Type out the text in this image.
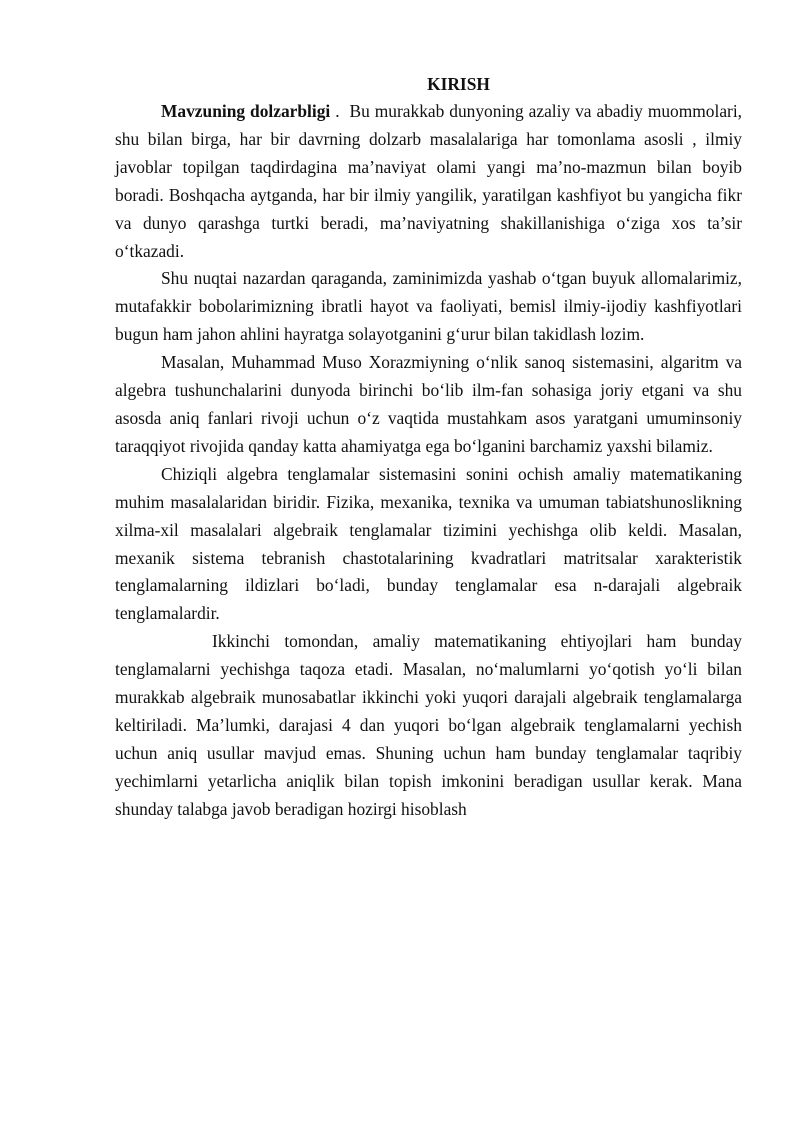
KIRISH

Mavzuning dolzarbligi .  Bu murakkab dunyoning azaliy va abadiy muommolari, shu bilan birga, har bir davrning dolzarb masalalariga har tomonlama asosli , ilmiy javoblar topilgan taqdirdagina ma’naviyat olami yangi ma’no-mazmun bilan boyib boradi. Boshqacha aytganda, har bir ilmiy yangilik, yaratilgan kashfiyot bu yangicha fikr va dunyo qarashga turtki beradi, ma’naviyatning shakillanishiga o‘ziga xos ta’sir o‘tkazadi.

Shu nuqtai nazardan qaraganda, zaminimizda yashab o‘tgan buyuk allomalarimiz, mutafakkir bobolarimizning ibratli hayot va faoliyati, bemisl ilmiy-ijodiy kashfiyotlari bugun ham jahon ahlini hayratga solayotganini g‘urur bilan takidlash lozim.

Masalan, Muhammad Muso Xorazmiyning o‘nlik sanoq sistemasini, algaritm va algebra tushunchalarini dunyoda birinchi bo‘lib ilm-fan sohasiga joriy etgani va shu asosda aniq fanlari rivoji uchun o‘z vaqtida mustahkam asos yaratgani umuminsoniy taraqqiyot rivojida qanday katta ahamiyatga ega bo‘lganini barchamiz yaxshi bilamiz.

Chiziqli algebra tenglamalar sistemasini sonini ochish amaliy matematikaning muhim masalalaridan biridir. Fizika, mexanika, texnika va umuman tabiatshunoslikning xilma-xil masalalari algebraik tenglamalar tizimini yechishga olib keldi. Masalan, mexanik sistema tebranish chastotalarining kvadratlari matritsalar xarakteristik tenglamalarning ildizlari bo‘ladi, bunday tenglamalar esa n-darajali algebraik tenglamalardir.

Ikkinchi tomondan, amaliy matematikaning ehtiyojlari ham bunday tenglamalarni yechishga taqoza etadi. Masalan, no‘malumlarni yo‘qotish yo‘li bilan murakkab algebraik munosabatlar ikkinchi yoki yuqori darajali algebraik tenglamalarga keltiriladi. Ma’lumki, darajasi 4 dan yuqori bo‘lgan algebraik tenglamalarni yechish uchun aniq usullar mavjud emas. Shuning uchun ham bunday tenglamalar taqribiy yechimlarni yetarlicha aniqlik bilan topish imkonini beradigan usullar kerak. Mana shunday talabga javob beradigan hozirgi hisoblash
